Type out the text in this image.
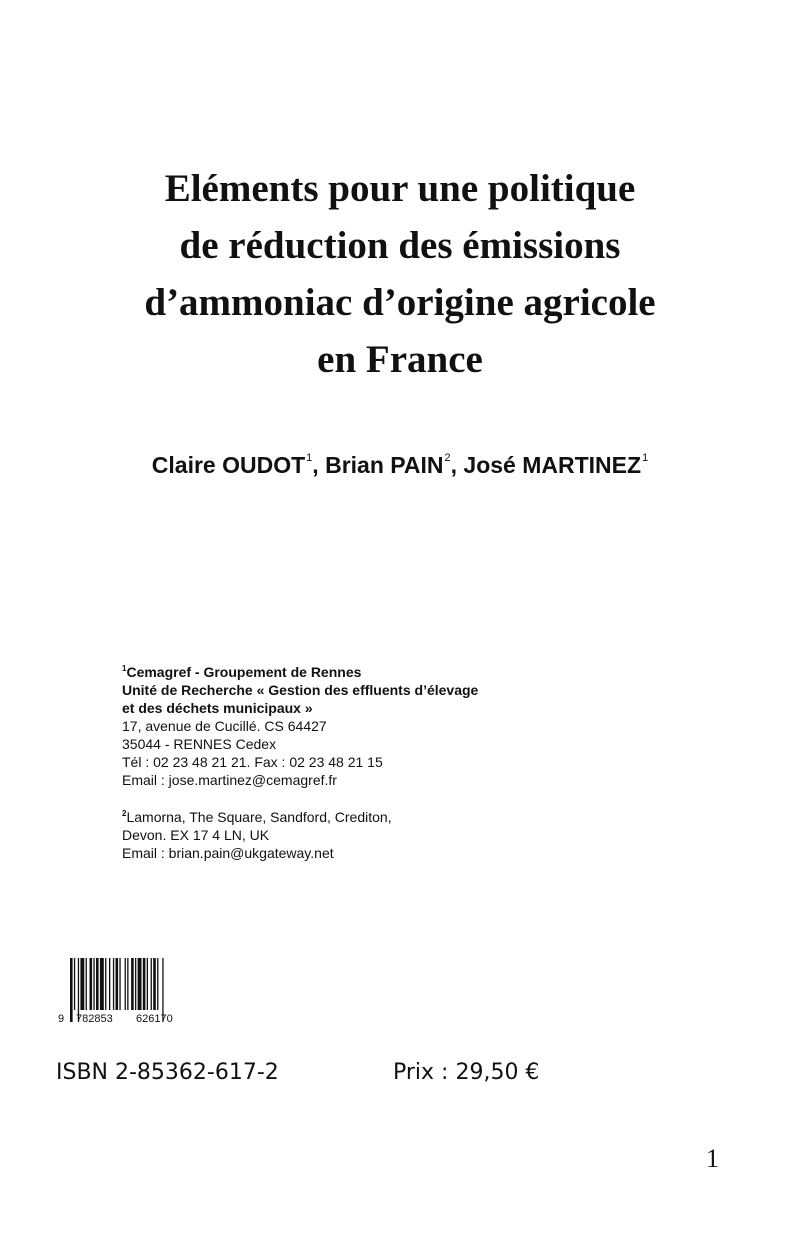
Eléments pour une politique
de réduction des émissions
d’ammoniac d’origine agricole
en France
Claire OUDOT$^1$, Brian PAIN$^2$, José MARTINEZ$^1$
$^1$Cemagref - Groupement de Rennes
Unité de Recherche « Gestion des effluents d’élevage
et des déchets municipaux »
17, avenue de Cucillé. CS 64427
35044 - RENNES Cedex
Tél : 02 23 48 21 21. Fax : 02 23 48 21 15
Email : jose.martinez@cemagref.fr
$^2$Lamorna, The Square, Sandford, Crediton,
Devon. EX 17 4 LN, UK
Email : brian.pain@ukgateway.net
9 782853 626170
ISBN 2-85362-617-2	Prix : 29,50 €
1
